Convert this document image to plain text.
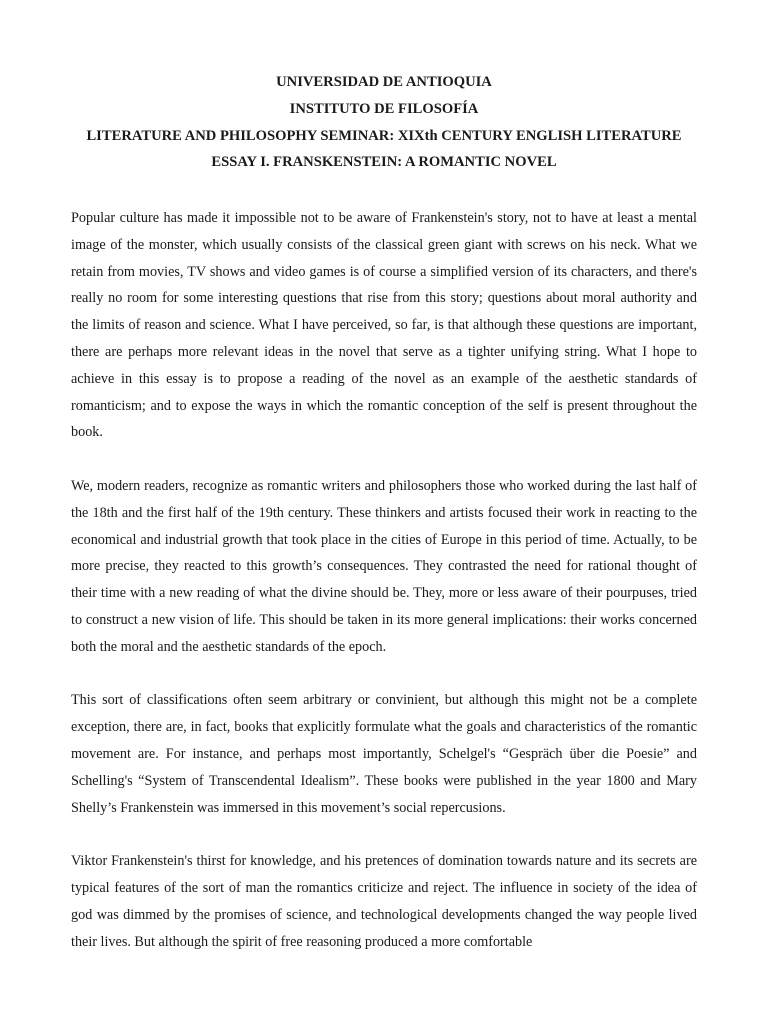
UNIVERSIDAD DE ANTIOQUIA
INSTITUTO DE FILOSOFÍA
LITERATURE AND PHILOSOPHY SEMINAR: XIXth CENTURY ENGLISH LITERATURE
ESSAY I. FRANSKENSTEIN: A ROMANTIC NOVEL

Popular culture has made it impossible not to be aware of Frankenstein's story, not to have at least a mental image of the monster, which usually consists of the classical green giant with screws on his neck. What we retain from movies, TV shows and video games is of course a simplified version of its characters, and there's really no room for some interesting questions that rise from this story; questions about moral authority and the limits of reason and science. What I have perceived, so far, is that although these questions are important, there are perhaps more relevant ideas in the novel that serve as a tighter unifying string. What I hope to achieve in this essay is to propose a reading of the novel as an example of the aesthetic standards of romanticism; and to expose the ways in which the romantic conception of the self is present throughout the book.

We, modern readers, recognize as romantic writers and philosophers those who worked during the last half of the 18th and the first half of the 19th century. These thinkers and artists focused their work in reacting to the economical and industrial growth that took place in the cities of Europe in this period of time. Actually, to be more precise, they reacted to this growth’s consequences. They contrasted the need for rational thought of their time with a new reading of what the divine should be. They, more or less aware of their pourpuses, tried to construct a new vision of life. This should be taken in its more general implications: their works concerned both the moral and the aesthetic standards of the epoch.

This sort of classifications often seem arbitrary or convinient, but although this might not be a complete exception, there are, in fact, books that explicitly formulate what the goals and characteristics of the romantic movement are. For instance, and perhaps most importantly, Schelgel's “Gespräch über die Poesie” and Schelling's “System of Transcendental Idealism”. These books were published in the year 1800 and Mary Shelly’s Frankenstein was immersed in this movement’s social repercusions.

Viktor Frankenstein's thirst for knowledge, and his pretences of domination towards nature and its secrets are typical features of the sort of man the romantics criticize and reject. The influence in society of the idea of god was dimmed by the promises of science, and technological developments changed the way people lived their lives. But although the spirit of free reasoning produced a more comfortable
